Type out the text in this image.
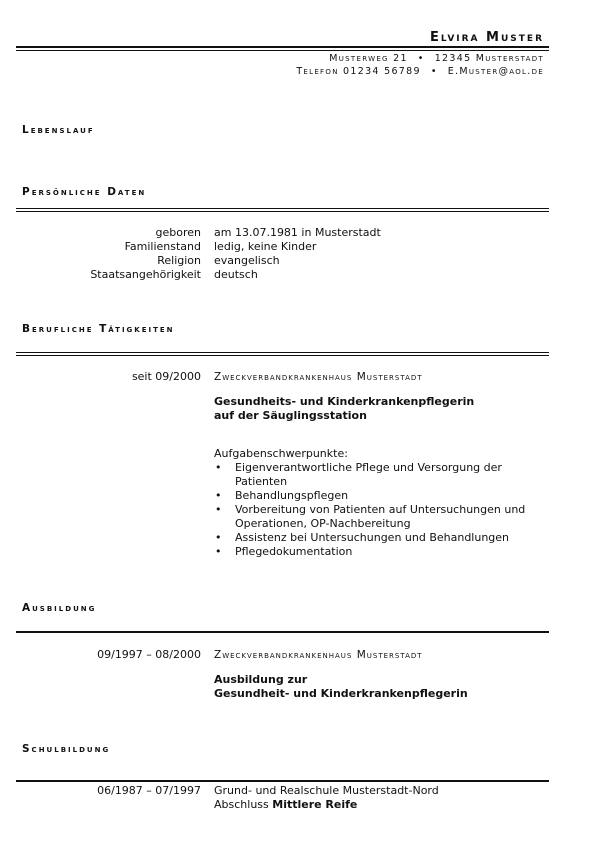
Elvira Muster
Musterweg 21 • 12345 Musterstadt
Telefon 01234 56789 • E.Muster@aol.de
Lebenslauf
Persönliche Daten
geboren
Familienstand
Religion
Staatsangehörigkeit
am 13.07.1981 in Musterstadt
ledig, keine Kinder
evangelisch
deutsch
Berufliche Tätigkeiten
seit 09/2000 Zweckverbandkrankenhaus Musterstadt
Gesundheits- und Kinderkrankenpflegerin
auf der Säuglingsstation
Aufgabenschwerpunkte:
• Eigenverantwortliche Pflege und Versorgung der Patienten
• Behandlungspflegen
• Vorbereitung von Patienten auf Untersuchungen und Operationen, OP-Nachbereitung
• Assistenz bei Untersuchungen und Behandlungen
• Pflegedokumentation
Ausbildung
09/1997 – 08/2000 Zweckverbandkrankenhaus Musterstadt
Ausbildung zur
Gesundheit- und Kinderkrankenpflegerin
Schulbildung
06/1987 – 07/1997 Grund- und Realschule Musterstadt-Nord
Abschluss Mittlere Reife
